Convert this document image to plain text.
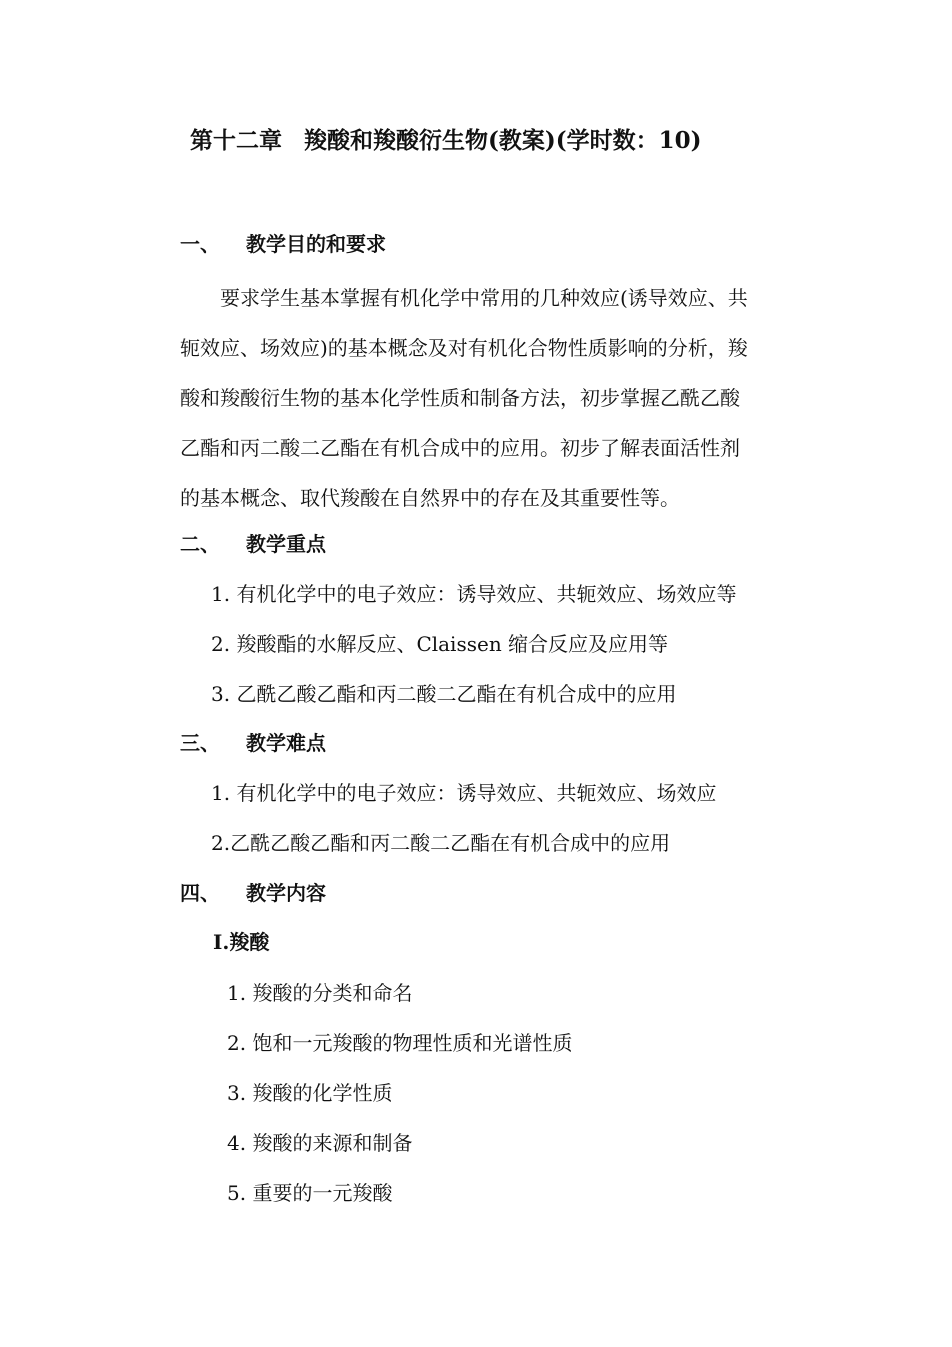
第十二章 羧酸和羧酸衍生物(教案)(学时数：10)
一、 教学目的和要求

　　要求学生基本掌握有机化学中常用的几种效应(诱导效应、共

轭效应、场效应)的基本概念及对有机化合物性质影响的分析，羧

酸和羧酸衍生物的基本化学性质和制备方法，初步掌握乙酰乙酸

乙酯和丙二酸二乙酯在有机合成中的应用。初步了解表面活性剂

的基本概念、取代羧酸在自然界中的存在及其重要性等。

二、 教学重点
1. 有机化学中的电子效应：诱导效应、共轭效应、场效应等
2. 羧酸酯的水解反应、Claissen 缩合反应及应用等
3. 乙酰乙酸乙酯和丙二酸二乙酯在有机合成中的应用
三、 教学难点
1. 有机化学中的电子效应：诱导效应、共轭效应、场效应
2.乙酰乙酸乙酯和丙二酸二乙酯在有机合成中的应用
四、 教学内容
I.羧酸
1. 羧酸的分类和命名
2. 饱和一元羧酸的物理性质和光谱性质
3. 羧酸的化学性质
4. 羧酸的来源和制备
5. 重要的一元羧酸
